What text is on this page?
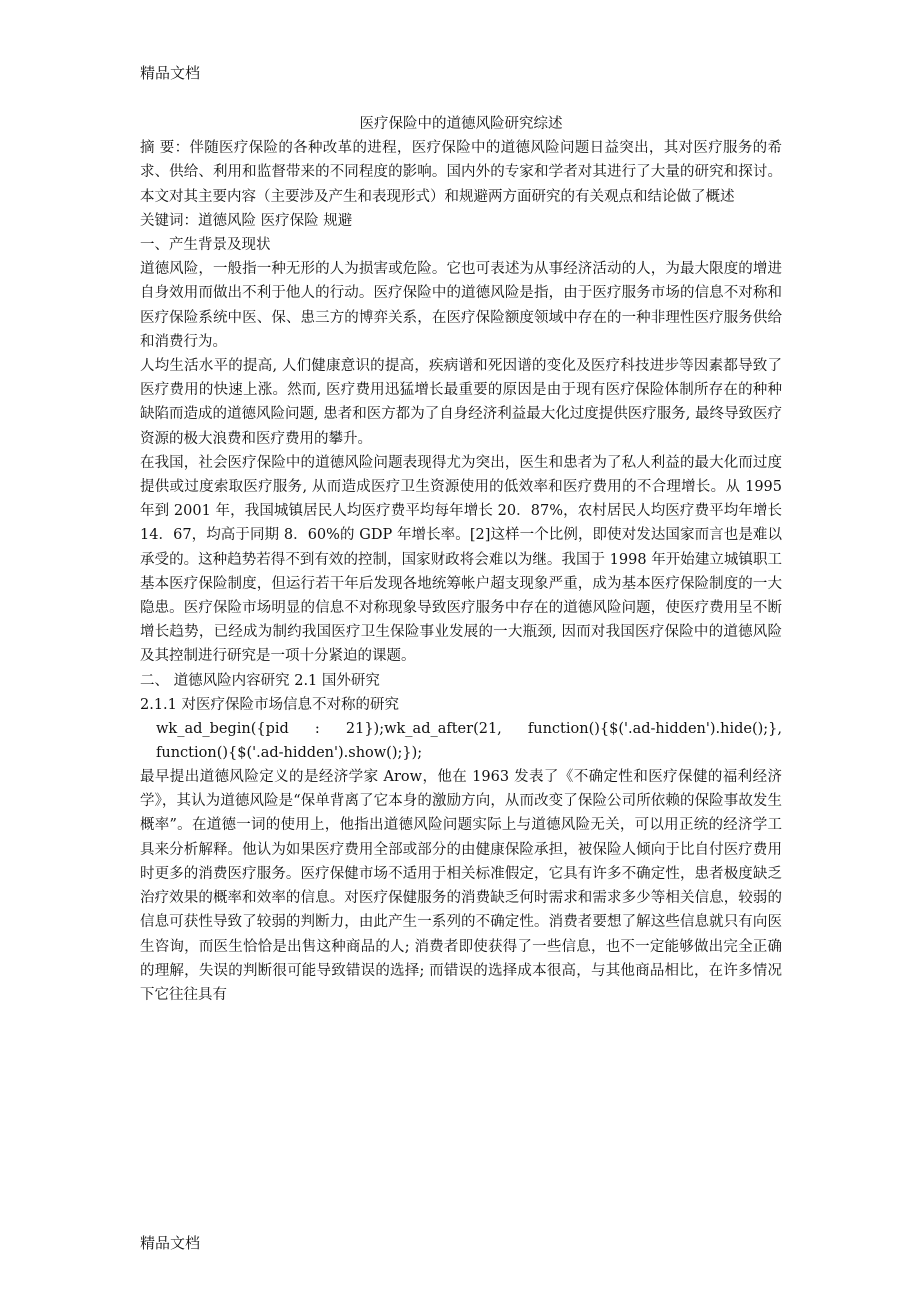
精品文档

医疗保险中的道德风险研究综述

摘 要：伴随医疗保险的各种改革的进程，医疗保险中的道德风险问题日益突出，其对医疗服务的希求、供给、利用和监督带来的不同程度的影响。国内外的专家和学者对其进行了大量的研究和探讨。本文对其主要内容（主要涉及产生和表现形式）和规避两方面研究的有关观点和结论做了概述

关键词：道德风险 医疗保险 规避

一、产生背景及现状

道德风险，一般指一种无形的人为损害或危险。它也可表述为从事经济活动的人，为最大限度的增进自身效用而做出不利于他人的行动。医疗保险中的道德风险是指，由于医疗服务市场的信息不对称和医疗保险系统中医、保、患三方的博弈关系，在医疗保险额度领域中存在的一种非理性医疗服务供给和消费行为。

人均生活水平的提高, 人们健康意识的提高，疾病谱和死因谱的变化及医疗科技进步等因素都导致了医疗费用的快速上涨。然而, 医疗费用迅猛增长最重要的原因是由于现有医疗保险体制所存在的种种缺陷而造成的道德风险问题, 患者和医方都为了自身经济利益最大化过度提供医疗服务, 最终导致医疗资源的极大浪费和医疗费用的攀升。

在我国，社会医疗保险中的道德风险问题表现得尤为突出，医生和患者为了私人利益的最大化而过度提供或过度索取医疗服务, 从而造成医疗卫生资源使用的低效率和医疗费用的不合理增长。从 1995 年到 2001 年，我国城镇居民人均医疗费平均每年增长 20．87%，农村居民人均医疗费平均年增长 14．67，均高于同期 8．60%的 GDP 年增长率。[2]这样一个比例，即使对发达国家而言也是难以承受的。这种趋势若得不到有效的控制，国家财政将会难以为继。我国于 1998 年开始建立城镇职工基本医疗保险制度，但运行若干年后发现各地统筹帐户超支现象严重，成为基本医疗保险制度的一大隐患。医疗保险市场明显的信息不对称现象导致医疗服务中存在的道德风险问题，使医疗费用呈不断增长趋势，已经成为制约我国医疗卫生保险事业发展的一大瓶颈, 因而对我国医疗保险中的道德风险及其控制进行研究是一项十分紧迫的课题。

二、 道德风险内容研究 2.1 国外研究

2.1.1 对医疗保险市场信息不对称的研究

wk_ad_begin({pid : 21});wk_ad_after(21, function(){$('.ad-hidden').hide();}, function(){$('.ad-hidden').show();});

最早提出道德风险定义的是经济学家 Arow，他在 1963 发表了《不确定性和医疗保健的福利经济学》，其认为道德风险是“保单背离了它本身的激励方向，从而改变了保险公司所依赖的保险事故发生概率”。在道德一词的使用上，他指出道德风险问题实际上与道德风险无关，可以用正统的经济学工具来分析解释。他认为如果医疗费用全部或部分的由健康保险承担，被保险人倾向于比自付医疗费用时更多的消费医疗服务。医疗保健市场不适用于相关标准假定，它具有许多不确定性，患者极度缺乏治疗效果的概率和效率的信息。对医疗保健服务的消费缺乏何时需求和需求多少等相关信息，较弱的信息可获性导致了较弱的判断力，由此产生一系列的不确定性。消费者要想了解这些信息就只有向医生咨询，而医生恰恰是出售这种商品的人; 消费者即使获得了一些信息，也不一定能够做出完全正确的理解，失误的判断很可能导致错误的选择; 而错误的选择成本很高，与其他商品相比，在许多情况下它往往具有

精品文档
